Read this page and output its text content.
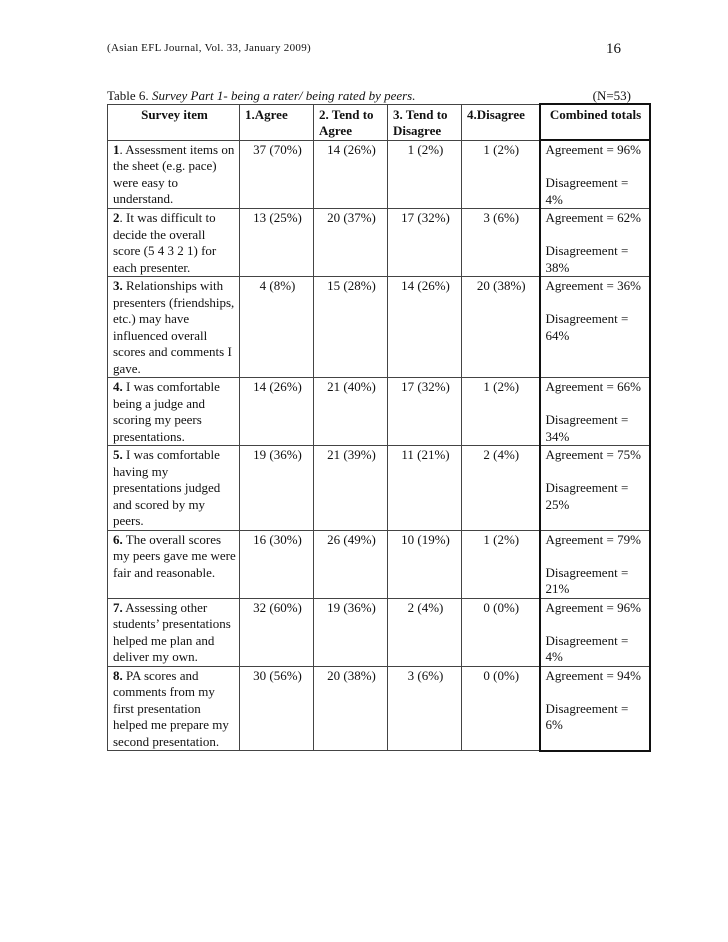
(Asian EFL Journal, Vol. 33, January 2009)	16
Table 6. Survey Part 1- being a rater/ being rated by peers.	(N=53)
Survey item	1.Agree	2. Tend to Agree	3. Tend to Disagree	4.Disagree	Combined totals
1. Assessment items on the sheet (e.g. pace) were easy to understand.	37 (70%)	14 (26%)	1 (2%)	1 (2%)	Agreement = 96%
Disagreement = 4%

2. It was difficult to decide the overall score (5 4 3 2 1) for each presenter.	13 (25%)	20 (37%)	17 (32%)	3 (6%)	Agreement = 62%
Disagreement = 38%

3. Relationships with presenters (friendships, etc.) may have influenced overall scores and comments I gave.	4 (8%)	15 (28%)	14 (26%)	20 (38%)	Agreement = 36%
Disagreement = 64%

4. I was comfortable being a judge and scoring my peers presentations.	14 (26%)	21 (40%)	17 (32%)	1 (2%)	Agreement = 66%
Disagreement = 34%

5. I was comfortable having my presentations judged and scored by my peers.	19 (36%)	21 (39%)	11 (21%)	2 (4%)	Agreement = 75%
Disagreement = 25%

6. The overall scores my peers gave me were fair and reasonable.	16 (30%)	26 (49%)	10 (19%)	1 (2%)	Agreement = 79%
Disagreement = 21%

7. Assessing other students’ presentations helped me plan and deliver my own.	32 (60%)	19 (36%)	2 (4%)	0 (0%)	Agreement = 96%
Disagreement = 4%

8. PA scores and comments from my first presentation helped me prepare my second presentation.	30 (56%)	20 (38%)	3 (6%)	0 (0%)	Agreement = 94%
Disagreement = 6%
